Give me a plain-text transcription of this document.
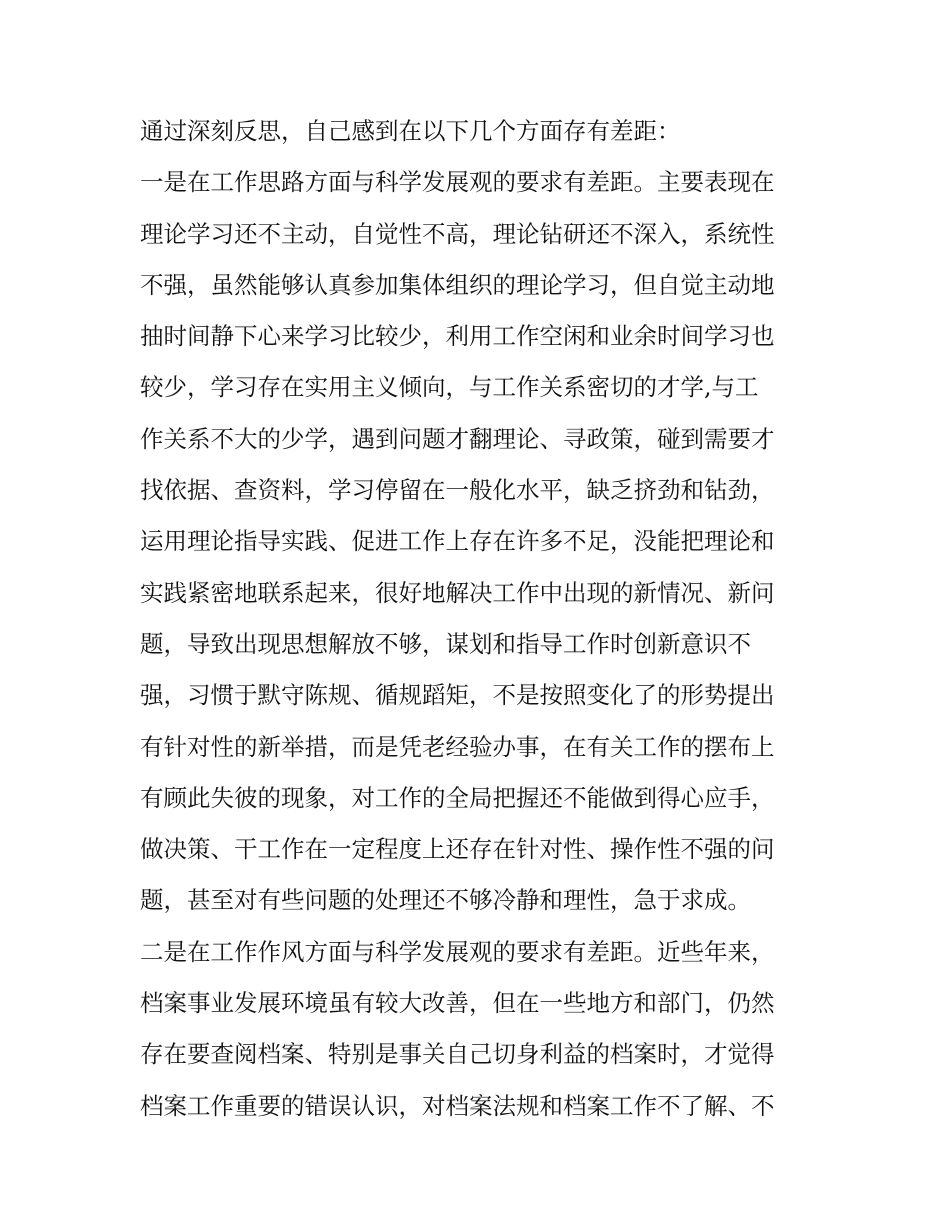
通过深刻反思，自己感到在以下几个方面存有差距：
一是在工作思路方面与科学发展观的要求有差距。主要表现在
理论学习还不主动，自觉性不高，理论钻研还不深入，系统性
不强，虽然能够认真参加集体组织的理论学习，但自觉主动地
抽时间静下心来学习比较少，利用工作空闲和业余时间学习也
较少，学习存在实用主义倾向，与工作关系密切的才学,与工
作关系不大的少学，遇到问题才翻理论、寻政策，碰到需要才
找依据、查资料，学习停留在一般化水平，缺乏挤劲和钻劲，
运用理论指导实践、促进工作上存在许多不足，没能把理论和
实践紧密地联系起来，很好地解决工作中出现的新情况、新问
题，导致出现思想解放不够，谋划和指导工作时创新意识不
强，习惯于默守陈规、循规蹈矩，不是按照变化了的形势提出
有针对性的新举措，而是凭老经验办事，在有关工作的摆布上
有顾此失彼的现象，对工作的全局把握还不能做到得心应手，
做决策、干工作在一定程度上还存在针对性、操作性不强的问
题，甚至对有些问题的处理还不够冷静和理性，急于求成。
二是在工作作风方面与科学发展观的要求有差距。近些年来，
档案事业发展环境虽有较大改善，但在一些地方和部门，仍然
存在要查阅档案、特别是事关自己切身利益的档案时，才觉得
档案工作重要的错误认识，对档案法规和档案工作不了解、不
